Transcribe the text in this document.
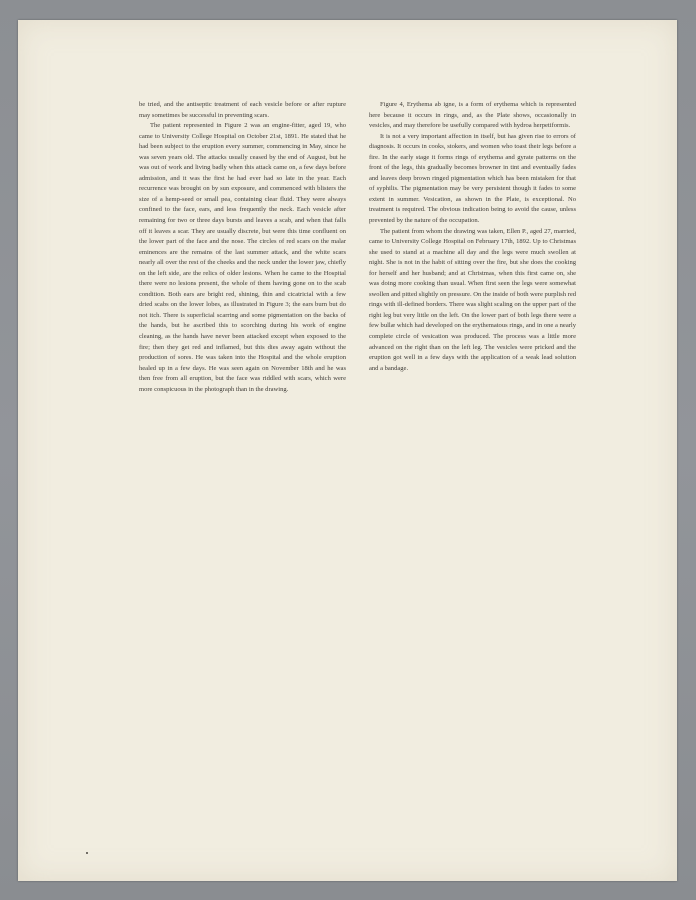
be tried, and the antiseptic treatment of each vesicle before or after rupture may sometimes be successful in preventing scars.

The patient represented in Figure 2 was an engine-fitter, aged 19, who came to University College Hospital on October 21st, 1891. He stated that he had been subject to the eruption every summer, commencing in May, since he was seven years old. The attacks usually ceased by the end of August, but he was out of work and living badly when this attack came on, a few days before admission, and it was the first he had ever had so late in the year. Each recurrence was brought on by sun exposure, and commenced with blisters the size of a hemp-seed or small pea, containing clear fluid. They were always confined to the face, ears, and less frequently the neck. Each vesicle after remaining for two or three days bursts and leaves a scab, and when that falls off it leaves a scar. They are usually discrete, but were this time confluent on the lower part of the face and the nose. The circles of red scars on the malar eminences are the remains of the last summer attack, and the white scars nearly all over the rest of the cheeks and the neck under the lower jaw, chiefly on the left side, are the relics of older lesions. When he came to the Hospital there were no lesions present, the whole of them having gone on to the scab condition. Both ears are bright red, shining, thin and cicatricial with a few dried scabs on the lower lobes, as illustrated in Figure 3; the ears burn but do not itch. There is superficial scarring and some pigmentation on the backs of the hands, but he ascribed this to scorching during his work of engine cleaning, as the hands have never been attacked except when exposed to the fire; then they get red and inflamed, but this dies away again without the production of sores. He was taken into the Hospital and the whole eruption healed up in a few days. He was seen again on November 18th and he was then free from all eruption, but the face was riddled with scars, which were more conspicuous in the photograph than in the drawing.

Figure 4, Erythema ab igne, is a form of erythema which is represented here because it occurs in rings, and, as the Plate shows, occasionally in vesicles, and may therefore be usefully compared with hydroa herpetiformis.

It is not a very important affection in itself, but has given rise to errors of diagnosis. It occurs in cooks, stokers, and women who toast their legs before a fire. In the early stage it forms rings of erythema and gyrate patterns on the front of the legs, this gradually becomes browner in tint and eventually fades and leaves deep brown ringed pigmentation which has been mistaken for that of syphilis. The pigmentation may be very persistent though it fades to some extent in summer. Vesication, as shown in the Plate, is exceptional. No treatment is required. The obvious indication being to avoid the cause, unless prevented by the nature of the occupation.

The patient from whom the drawing was taken, Ellen P., aged 27, married, came to University College Hospital on February 17th, 1892. Up to Christmas she used to stand at a machine all day and the legs were much swollen at night. She is not in the habit of sitting over the fire, but she does the cooking for herself and her husband; and at Christmas, when this first came on, she was doing more cooking than usual. When first seen the legs were somewhat swollen and pitted slightly on pressure. On the inside of both were purplish red rings with ill-defined borders. There was slight scaling on the upper part of the right leg but very little on the left. On the lower part of both legs there were a few bullæ which had developed on the erythematous rings, and in one a nearly complete circle of vesication was produced. The process was a little more advanced on the right than on the left leg. The vesicles were pricked and the eruption got well in a few days with the application of a weak lead solution and a bandage.
